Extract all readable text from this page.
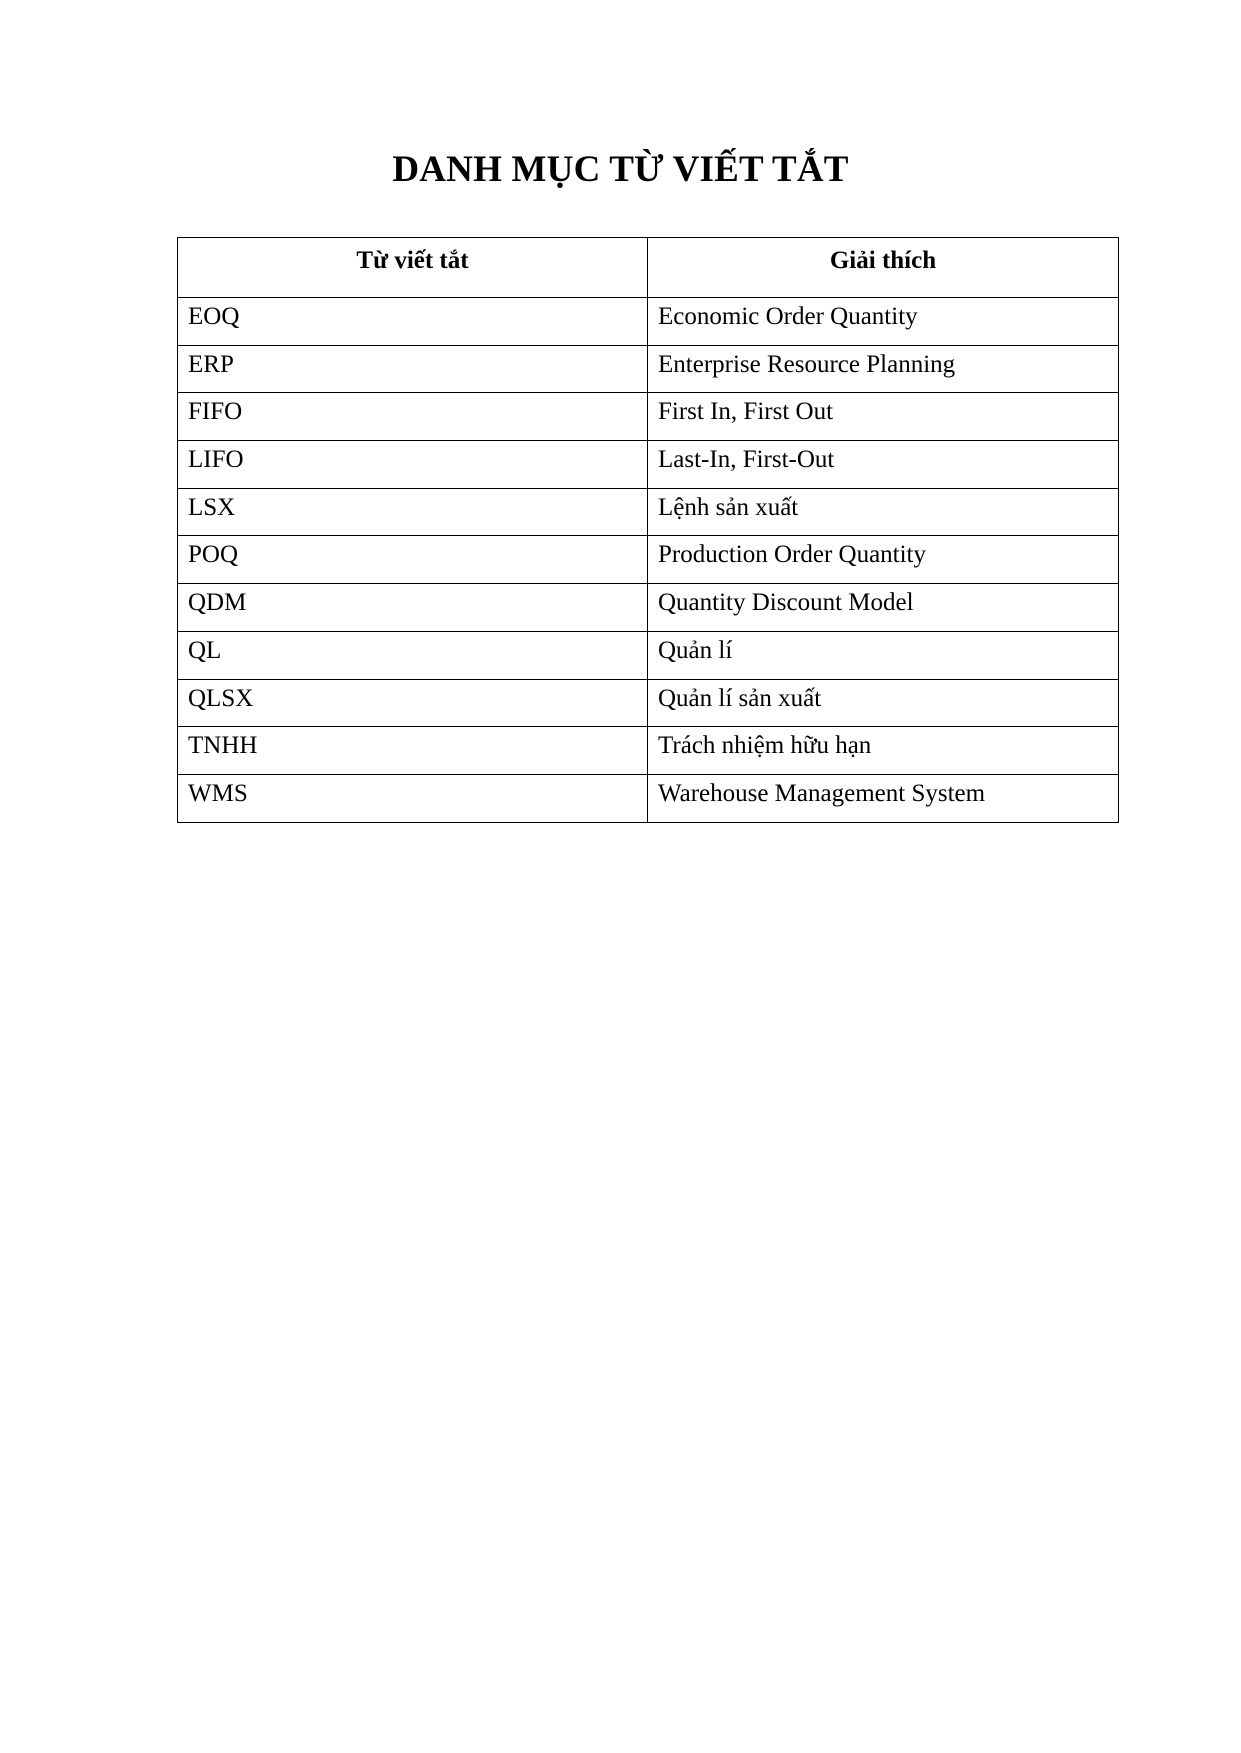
DANH MỤC TỪ VIẾT TẮT
Từ viết tắt	Giải thích
EOQ	Economic Order Quantity
ERP	Enterprise Resource Planning
FIFO	First In, First Out
LIFO	Last-In, First-Out
LSX	Lệnh sản xuất
POQ	Production Order Quantity
QDM	Quantity Discount Model
QL	Quản lí
QLSX	Quản lí sản xuất
TNHH	Trách nhiệm hữu hạn
WMS	Warehouse Management System
